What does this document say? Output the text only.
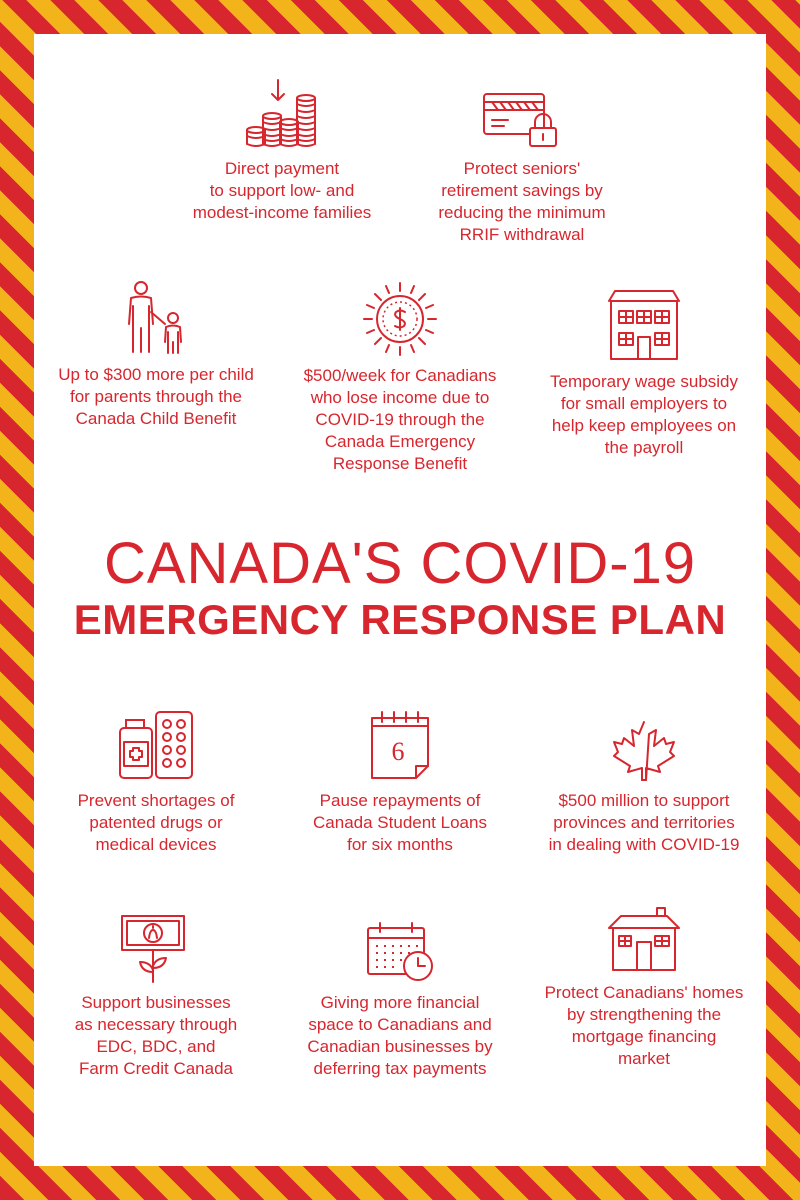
Direct payment
to support low- and
modest-income families
Protect seniors'
retirement savings by
reducing the minimum
RRIF withdrawal
Up to $300 more per child
for parents through the
Canada Child Benefit
$500/week for Canadians
who lose income due to
COVID-19 through the
Canada Emergency
Response Benefit
Temporary wage subsidy
for small employers to
help keep employees on
the payroll
CANADA'S COVID-19
EMERGENCY RESPONSE PLAN
Prevent shortages of
patented drugs or
medical devices
6
Pause repayments of
Canada Student Loans
for six months
$500 million to support
provinces and territories
in dealing with COVID-19
Support businesses
as necessary through
EDC, BDC, and
Farm Credit Canada
Giving more financial
space to Canadians and
Canadian businesses by
deferring tax payments
Protect Canadians' homes
by strengthening the
mortgage financing
market
